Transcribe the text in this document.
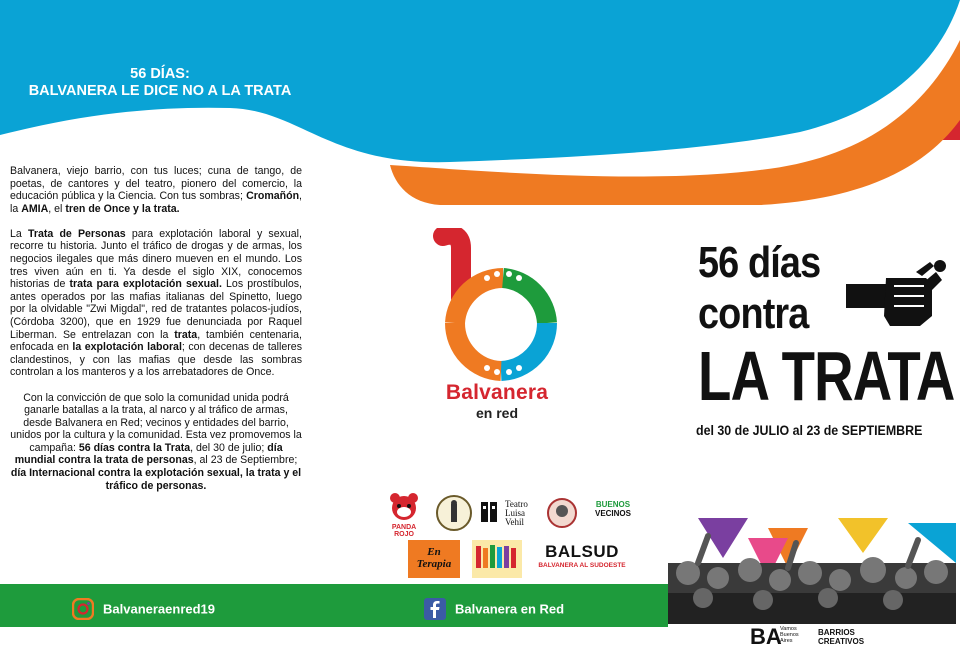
56 DÍAS:
BALVANERA LE DICE NO A LA TRATA

Balvanera, viejo barrio, con tus luces; cuna de tango, de poetas, de cantores y del teatro, pionero del comercio, la educación pública y la Ciencia. Con tus sombras; Cromañón, la AMIA, el tren de Once y la trata.

La Trata de Personas para explotación laboral y sexual, recorre tu historia. Junto el tráfico de drogas y de armas, los negocios ilegales que más dinero mueven en el mundo. Los tres viven aún en ti. Ya desde el siglo XIX, conocemos historias de trata para explotación sexual. Los prostíbulos, antes operados por las mafias italianas del Spinetto, luego por la olvidable "Zwi Migdal", red de tratantes polacos-judíos, (Córdoba 3200), que en 1929 fue denunciada por Raquel Liberman. Se entrelazan con la trata, también centenaria, enfocada en la explotación laboral; con decenas de talleres clandestinos, y con las mafias que desde las sombras controlan a los manteros y a los arrebatadores de Once.

Con la convicción de que solo la comunidad unida podrá ganarle batallas a la trata, al narco y al tráfico de armas, desde Balvanera en Red; vecinos y entidades del barrio, unidos por la cultura y la comunidad. Esta vez promovemos la campaña: 56 días contra la Trata, del 30 de julio; día mundial contra la trata de personas, al 23 de Septiembre; día Internacional contra la explotación sexual, la trata y el tráfico de personas.

Balvanera
en red
PANDA ROJO
Teatro
Luisa
Vehil
BUENOS
VECINOS
En
Terapia
BALSUD
BALVANERA AL SUDOESTE
56 días
contra
LA TRATA
del 30 de JULIO al 23 de SEPTIEMBRE
BA
Vamos
Buenos
Aires
BARRIOS
CREATIVOS
Balvaneraenred19	Balvanera en Red
